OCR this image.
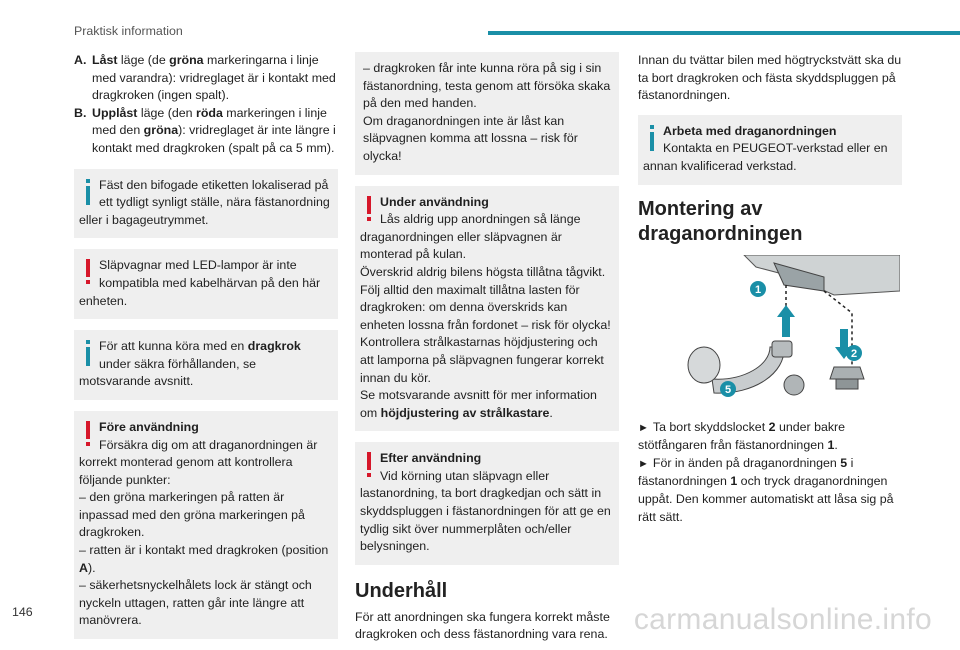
Praktisk information
A. Låst läge (de gröna markeringarna i linje med varandra): vridreglaget är i kontakt med dragkroken (ingen spalt).
B. Upplåst läge (den röda markeringen i linje med den gröna): vridreglaget är inte längre i kontakt med dragkroken (spalt på ca 5 mm).

Fäst den bifogade etiketten lokaliserad på ett tydligt synligt ställe, nära fästanordning eller i bagageutrymmet.

Släpvagnar med LED-lampor är inte kompatibla med kabelhärvan på den här enheten.

För att kunna köra med en dragkrok under säkra förhållanden, se motsvarande avsnitt.

Före användning

Försäkra dig om att draganordningen är korrekt monterad genom att kontrollera följande punkter:

– den gröna markeringen på ratten är inpassad med den gröna markeringen på dragkroken.

– ratten är i kontakt med dragkroken (position A).

– säkerhetsnyckelhålets lock är stängt och nyckeln uttagen, ratten går inte längre att manövrera.

– dragkroken får inte kunna röra på sig i sin fästanordning, testa genom att försöka skaka på den med handen.

Om draganordningen inte är låst kan släpvagnen komma att lossna – risk för olycka!

Under användning

Lås aldrig upp anordningen så länge draganordningen eller släpvagnen är monterad på kulan.

Överskrid aldrig bilens högsta tillåtna tågvikt.

Följ alltid den maximalt tillåtna lasten för dragkroken: om denna överskrids kan enheten lossna från fordonet – risk för olycka!

Kontrollera strålkastarnas höjdjustering och att lamporna på släpvagnen fungerar korrekt innan du kör.

Se motsvarande avsnitt för mer information om höjdjustering av strålkastare.

Efter användning

Vid körning utan släpvagn eller lastanordning, ta bort dragkedjan och sätt in skyddspluggen i fästanordningen för att ge en tydlig sikt över nummerplåten och/eller belysningen.

Underhåll

För att anordningen ska fungera korrekt måste dragkroken och dess fästanordning vara rena.

Innan du tvättar bilen med högtryckstvätt ska du ta bort dragkroken och fästa skyddspluggen på fästanordningen.

Arbeta med draganordningen

Kontakta en PEUGEOT-verkstad eller en annan kvalificerad verkstad.

Montering av draganordningen
1
2
5

► Ta bort skyddslocket 2 under bakre stötfångaren från fästanordningen 1.

► För in änden på draganordningen 5 i fästanordningen 1 och tryck draganordningen uppåt. Den kommer automatiskt att låsa sig på rätt sätt.

146	carmanualsonline.info
